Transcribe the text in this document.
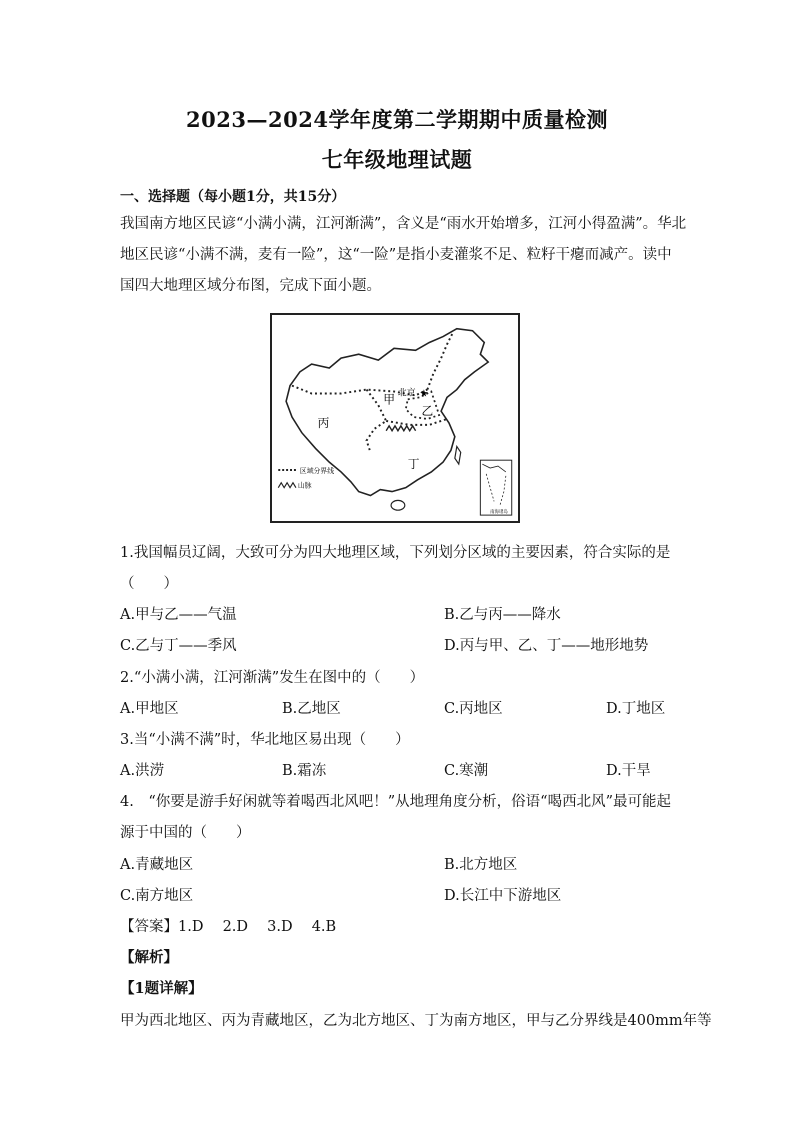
2023—2024学年度第二学期期中质量检测
七年级地理试题
一、选择题（每小题1分，共15分）
我国南方地区民谚“小满小满，江河渐满”，含义是“雨水开始增多，江河小得盈满”。华北
地区民谚“小满不满，麦有一险”，这“一险”是指小麦灌浆不足、粒籽干瘪而减产。读中
国四大地理区域分布图，完成下面小题。
甲
乙
丙
丁
北京 ★
区域分界线
山脉
南海诸岛
1.我国幅员辽阔，大致可分为四大地理区域，下列划分区域的主要因素，符合实际的是
（　　）
A.甲与乙——气温	B.乙与丙——降水
C.乙与丁——季风	D.丙与甲、乙、丁——地形地势
2.“小满小满，江河渐满”发生在图中的（　　）
A.甲地区	B.乙地区	C.丙地区	D.丁地区
3.当“小满不满”时，华北地区易出现（　　）
A.洪涝	B.霜冻	C.寒潮	D.干旱
4.　“你要是游手好闲就等着喝西北风吧！”从地理角度分析，俗语“喝西北风”最可能起
源于中国的（　　）
A.青藏地区	B.北方地区
C.南方地区	D.长江中下游地区
【答案】1.D　 2.D　 3.D　 4.B
【解析】
【1题详解】
甲为西北地区、丙为青藏地区，乙为北方地区、丁为南方地区，甲与乙分界线是400mm年等
